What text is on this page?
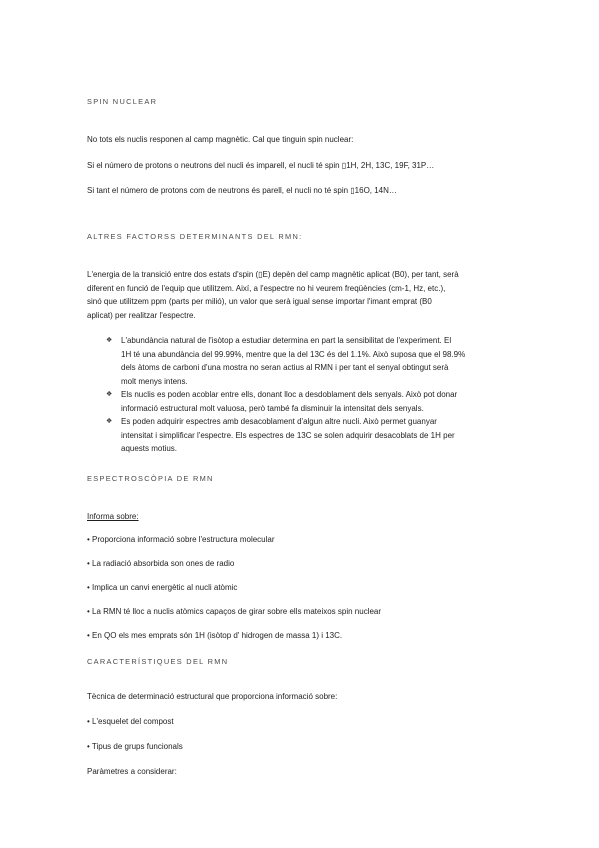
SPIN NUCLEAR
No tots els nuclis responen al camp magnètic. Cal que tinguin spin nuclear:
Si el número de protons o neutrons del nucli és imparell, el nucli té spin ▯1H, 2H, 13C, 19F, 31P…
Si tant el número de protons com de neutrons és parell, el nucli no té spin ▯16O, 14N…
ALTRES FACTORSS DETERMINANTS DEL RMN:
L'energia de la transició entre dos estats d'spin (▯E) depèn del camp magnètic aplicat (B0), per tant, serà
diferent en funció de l'equip que utilitzem. Així, a l'espectre no hi veurem freqüències (cm-1, Hz, etc.),
sinó que utilitzem ppm (parts per milió), un valor que serà igual sense importar l'imant emprat (B0
aplicat) per realitzar l'espectre.
❖ L'abundància natural de l'isòtop a estudiar determina en part la sensibilitat de l'experiment. El
1H té una abundància del 99.99%, mentre que la del 13C és del 1.1%. Això suposa que el 98.9%
dels àtoms de carboni d'una mostra no seran actius al RMN i per tant el senyal obtingut serà
molt menys intens.
❖ Els nuclis es poden acoblar entre ells, donant lloc a desdoblament dels senyals. Això pot donar
informació estructural molt valuosa, però també fa disminuir la intensitat dels senyals.
❖ Es poden adquirir espectres amb desacoblament d'algun altre nucli. Això permet guanyar
intensitat i simplificar l'espectre. Els espectres de 13C se solen adquirir desacoblats de 1H per
aquests motius.
ESPECTROSCÒPIA DE RMN
Informa sobre:
• Proporciona informació sobre l'estructura molecular
• La radiació absorbida son ones de radio
• Implica un canvi energètic al nucli atòmic
• La RMN té lloc a nuclis atòmics capaços de girar sobre ells mateixos spin nuclear
• En QO els mes emprats són 1H (isòtop d' hidrogen de massa 1) i 13C.
CARACTERÍSTIQUES DEL RMN
Tècnica de determinació estructural que proporciona informació sobre:
• L'esquelet del compost
• Tipus de grups funcionals
Paràmetres a considerar:
